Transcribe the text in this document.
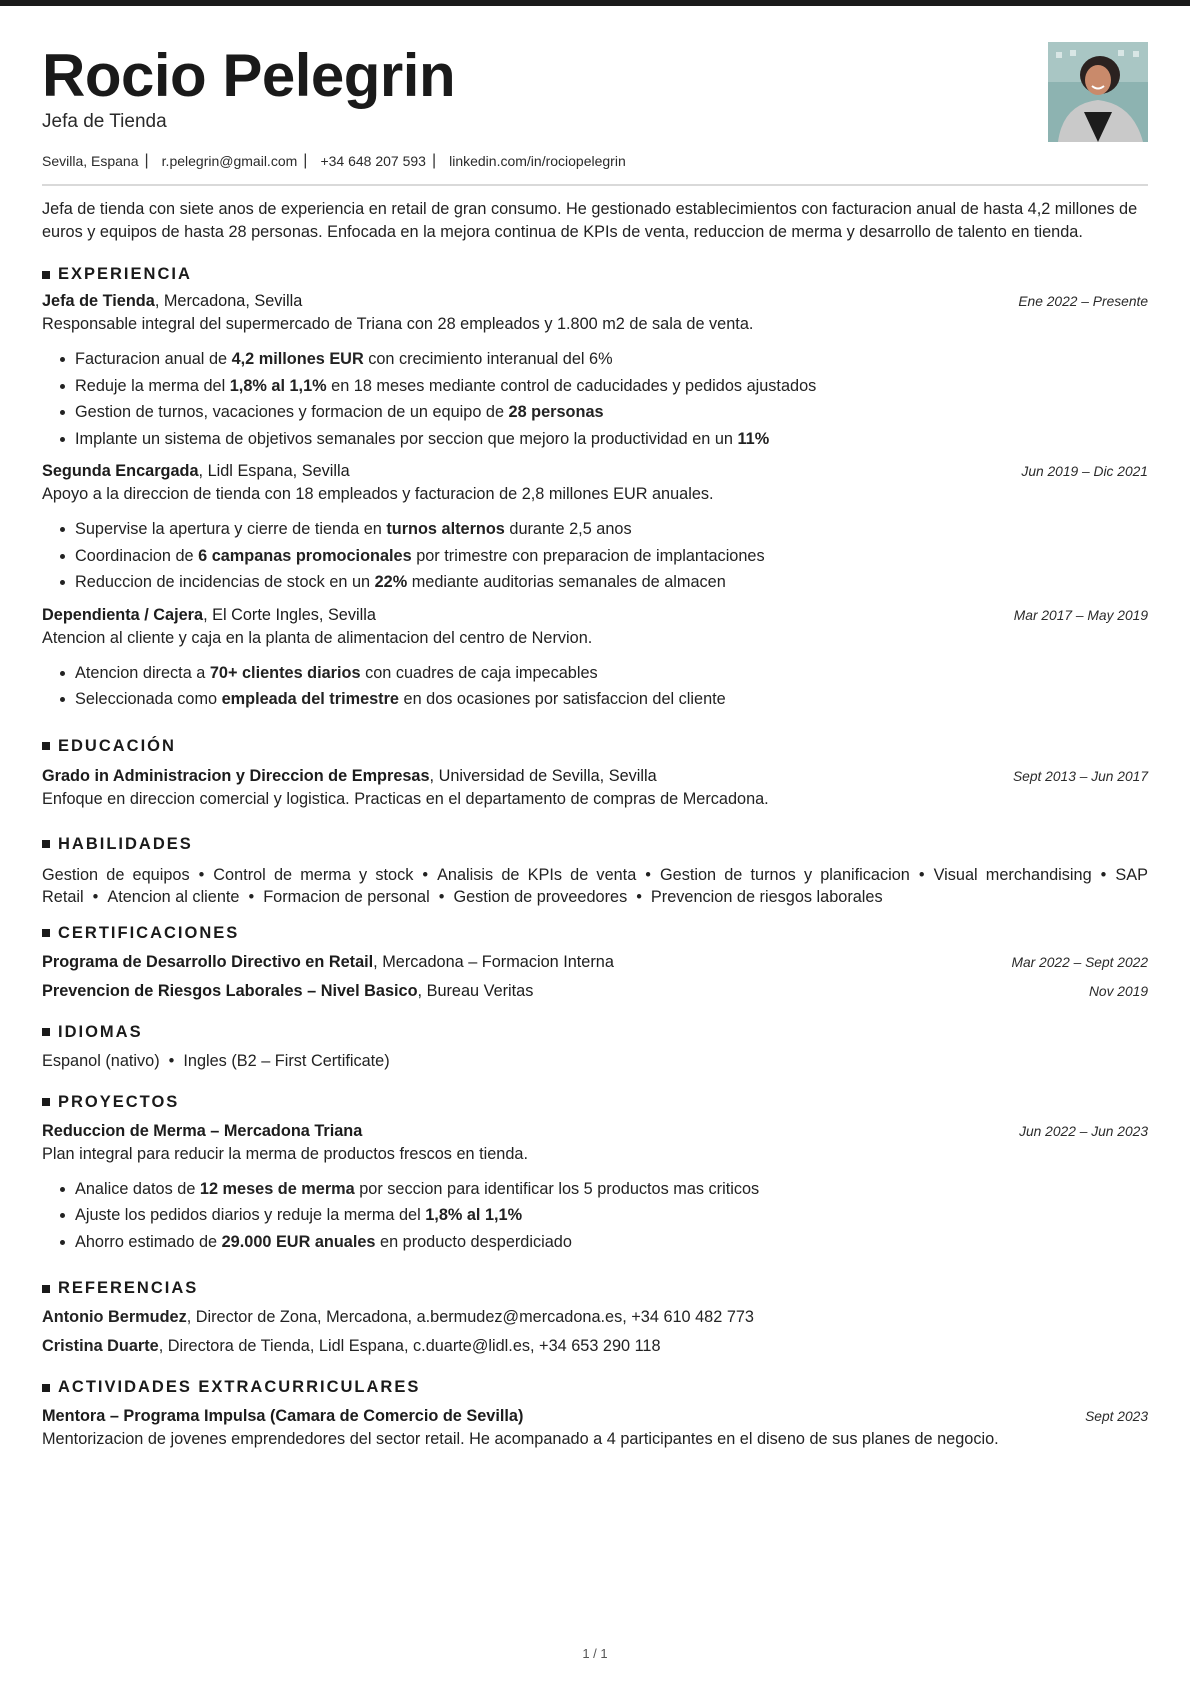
Rocio Pelegrin
Jefa de Tienda
Sevilla, Espana | r.pelegrin@gmail.com | +34 648 207 593 | linkedin.com/in/rociopelegrin

Jefa de tienda con siete anos de experiencia en retail de gran consumo. He gestionado establecimientos con facturacion anual de hasta 4,2 millones de euros y equipos de hasta 28 personas. Enfocada en la mejora continua de KPIs de venta, reduccion de merma y desarrollo de talento en tienda.

EXPERIENCIA
Jefa de Tienda, Mercadona, Sevilla	Ene 2022 – Presente
Responsable integral del supermercado de Triana con 28 empleados y 1.800 m2 de sala de venta.
Facturacion anual de 4,2 millones EUR con crecimiento interanual del 6%
Reduje la merma del 1,8% al 1,1% en 18 meses mediante control de caducidades y pedidos ajustados
Gestion de turnos, vacaciones y formacion de un equipo de 28 personas
Implante un sistema de objetivos semanales por seccion que mejoro la productividad en un 11%
Segunda Encargada, Lidl Espana, Sevilla	Jun 2019 – Dic 2021
Apoyo a la direccion de tienda con 18 empleados y facturacion de 2,8 millones EUR anuales.
Supervise la apertura y cierre de tienda en turnos alternos durante 2,5 anos
Coordinacion de 6 campanas promocionales por trimestre con preparacion de implantaciones
Reduccion de incidencias de stock en un 22% mediante auditorias semanales de almacen
Dependienta / Cajera, El Corte Ingles, Sevilla	Mar 2017 – May 2019
Atencion al cliente y caja en la planta de alimentacion del centro de Nervion.
Atencion directa a 70+ clientes diarios con cuadres de caja impecables
Seleccionada como empleada del trimestre en dos ocasiones por satisfaccion del cliente
EDUCACIÓN
Grado in Administracion y Direccion de Empresas, Universidad de Sevilla, Sevilla	Sept 2013 – Jun 2017
Enfoque en direccion comercial y logistica. Practicas en el departamento de compras de Mercadona.
HABILIDADES
Gestion de equipos • Control de merma y stock • Analisis de KPIs de venta • Gestion de turnos y planificacion • Visual merchandising • SAP Retail • Atencion al cliente • Formacion de personal • Gestion de proveedores • Prevencion de riesgos laborales
CERTIFICACIONES
Programa de Desarrollo Directivo en Retail, Mercadona – Formacion Interna	Mar 2022 – Sept 2022
Prevencion de Riesgos Laborales – Nivel Basico, Bureau Veritas	Nov 2019
IDIOMAS
Espanol (nativo) • Ingles (B2 – First Certificate)
PROYECTOS
Reduccion de Merma – Mercadona Triana	Jun 2022 – Jun 2023
Plan integral para reducir la merma de productos frescos en tienda.
Analice datos de 12 meses de merma por seccion para identificar los 5 productos mas criticos
Ajuste los pedidos diarios y reduje la merma del 1,8% al 1,1%
Ahorro estimado de 29.000 EUR anuales en producto desperdiciado
REFERENCIAS
Antonio Bermudez, Director de Zona, Mercadona, a.bermudez@mercadona.es, +34 610 482 773
Cristina Duarte, Directora de Tienda, Lidl Espana, c.duarte@lidl.es, +34 653 290 118
ACTIVIDADES EXTRACURRICULARES
Mentora – Programa Impulsa (Camara de Comercio de Sevilla)	Sept 2023
Mentorizacion de jovenes emprendedores del sector retail. He acompanado a 4 participantes en el diseno de sus planes de negocio.
1 / 1
